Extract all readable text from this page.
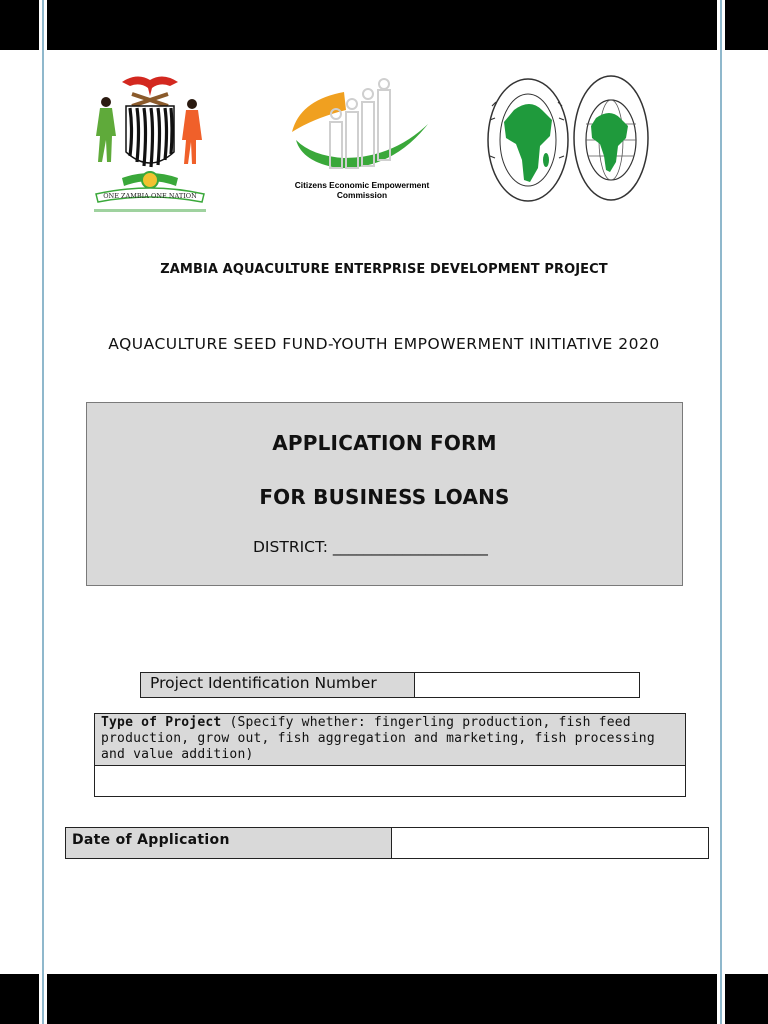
ONE ZAMBIA ONE NATION
Citizens Economic Empowerment
Commission
ZAMBIA AQUACULTURE ENTERPRISE DEVELOPMENT PROJECT
AQUACULTURE SEED FUND-YOUTH EMPOWERMENT INITIATIVE 2020
APPLICATION FORM
FOR BUSINESS LOANS
DISTRICT: ____________________
Project Identification Number	
Type of Project (Specify whether: fingerling production, fish feed production, grow out, fish aggregation and marketing, fish processing and value addition)

Date of Application	
